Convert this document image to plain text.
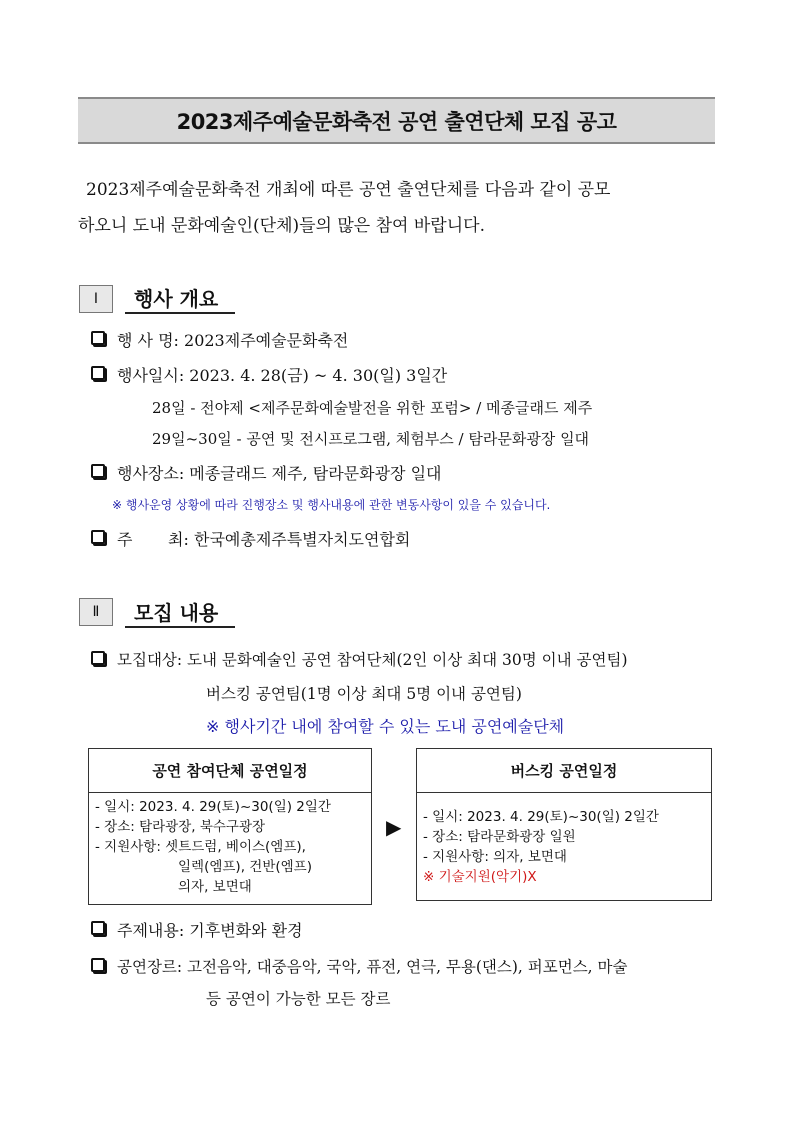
2023제주예술문화축전 공연 출연단체 모집 공고
2023제주예술문화축전 개최에 따른 공연 출연단체를 다음과 같이 공모
하오니 도내 문화예술인(단체)들의 많은 참여 바랍니다.
Ⅰ	행사 개요
행 사 명: 2023제주예술문화축전
행사일시: 2023. 4. 28(금) ~ 4. 30(일) 3일간
28일 - 전야제 <제주문화예술발전을 위한 포럼> / 메종글래드 제주
29일~30일 - 공연 및 전시프로그램, 체험부스 / 탐라문화광장 일대
행사장소: 메종글래드 제주, 탐라문화광장 일대
※ 행사운영 상황에 따라 진행장소 및 행사내용에 관한 변동사항이 있을 수 있습니다.
주       최: 한국예총제주특별자치도연합회
Ⅱ	모집 내용
모집대상: 도내 문화예술인 공연 참여단체(2인 이상 최대 30명 이내 공연팀)
버스킹 공연팀(1명 이상 최대 5명 이내 공연팀)
※ 행사기간 내에 참여할 수 있는 도내 공연예술단체
공연 참여단체 공연일정
- 일시: 2023. 4. 29(토)~30(일) 2일간
- 장소: 탐라광장, 북수구광장
- 지원사항: 셋트드럼, 베이스(엠프),
일렉(엠프), 건반(엠프)
의자, 보면대
▶
버스킹 공연일정
- 일시: 2023. 4. 29(토)~30(일) 2일간
- 장소: 탐라문화광장 일원
- 지원사항: 의자, 보면대
※ 기술지원(악기)X
주제내용: 기후변화와 환경
공연장르: 고전음악, 대중음악, 국악, 퓨전, 연극, 무용(댄스), 퍼포먼스, 마술
등 공연이 가능한 모든 장르
